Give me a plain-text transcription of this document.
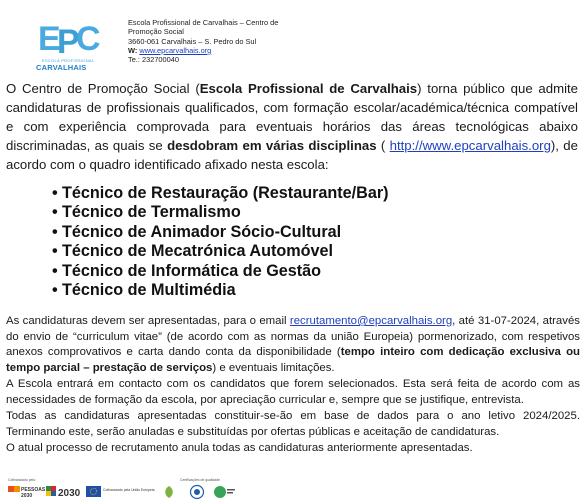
E
P
C
ESCOLA PROFISSIONAL
CARVALHAIS
Escola Profissional de Carvalhais – Centro de
Promoção Social
3660-061 Carvalhais – S. Pedro do Sul
W: www.epcarvalhais.org
Te.: 232700040

O Centro de Promoção Social (Escola Profissional de Carvalhais) torna público que admite candidaturas de profissionais qualificados, com formação escolar/académica/técnica compatível e com experiência comprovada para eventuais horários das áreas tecnológicas abaixo discriminadas, as quais se desdobram em várias disciplinas ( http://www.epcarvalhais.org), de acordo com o quadro identificado afixado nesta escola:

• Técnico de Restauração (Restaurante/Bar)
• Técnico de Termalismo
• Técnico de Animador Sócio-Cultural
• Técnico de Mecatrónica Automóvel
• Técnico de Informática de Gestão
• Técnico de Multimédia

As candidaturas devem ser apresentadas, para o email recrutamento@epcarvalhais.org, até 31-07-2024, através do envio de “curriculum vitae” (de acordo com as normas da união Europeia) pormenorizado, com respetivos anexos comprovativos e carta dando conta da disponibilidade (tempo inteiro com dedicação exclusiva ou tempo parcial – prestação de serviços) e eventuais limitações.

A Escola entrará em contacto com os candidatos que forem selecionados. Esta será feita de acordo com as necessidades de formação da escola, por apreciação curricular e, sempre que se justifique, entrevista.

Todas as candidaturas apresentadas constituir-se-ão em base de dados para o ano letivo 2024/2025. Terminando este, serão anuladas e substituídas por ofertas públicas e aceitação de candidaturas.

O atual processo de recrutamento anula todas as candidaturas anteriormente apresentadas.

Cofinanciado pelo:
PESSOAS
2030	2030	Cofinanciado pela União Europeia
Certificações de qualidade
